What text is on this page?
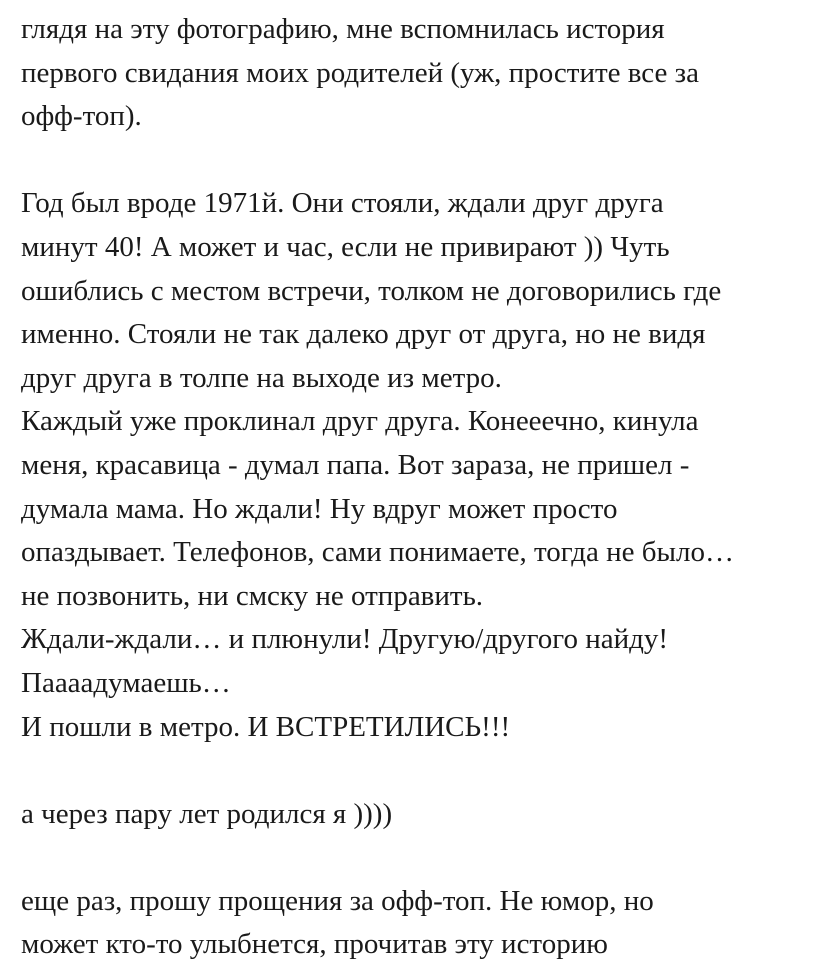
глядя на эту фотографию, мне вспомнилась история
первого свидания моих родителей (уж, простите все за
офф-топ).

Год был вроде 1971й. Они стояли, ждали друг друга
минут 40! А может и час, если не привирают )) Чуть
ошиблись с местом встречи, толком не договорились где
именно. Стояли не так далеко друг от друга, но не видя
друг друга в толпе на выходе из метро.
Каждый уже проклинал друг друга. Конееечно, кинула
меня, красавица - думал папа. Вот зараза, не пришел -
думала мама. Но ждали! Ну вдруг может просто
опаздывает. Телефонов, сами понимаете, тогда не было…
не позвонить, ни смску не отправить.
Ждали-ждали… и плюнули! Другую/другого найду!
Паааадумаешь…
И пошли в метро. И ВСТРЕТИЛИСЬ!!!

а через пару лет родился я ))))

еще раз, прошу прощения за офф-топ. Не юмор, но
может кто-то улыбнется, прочитав эту историю
